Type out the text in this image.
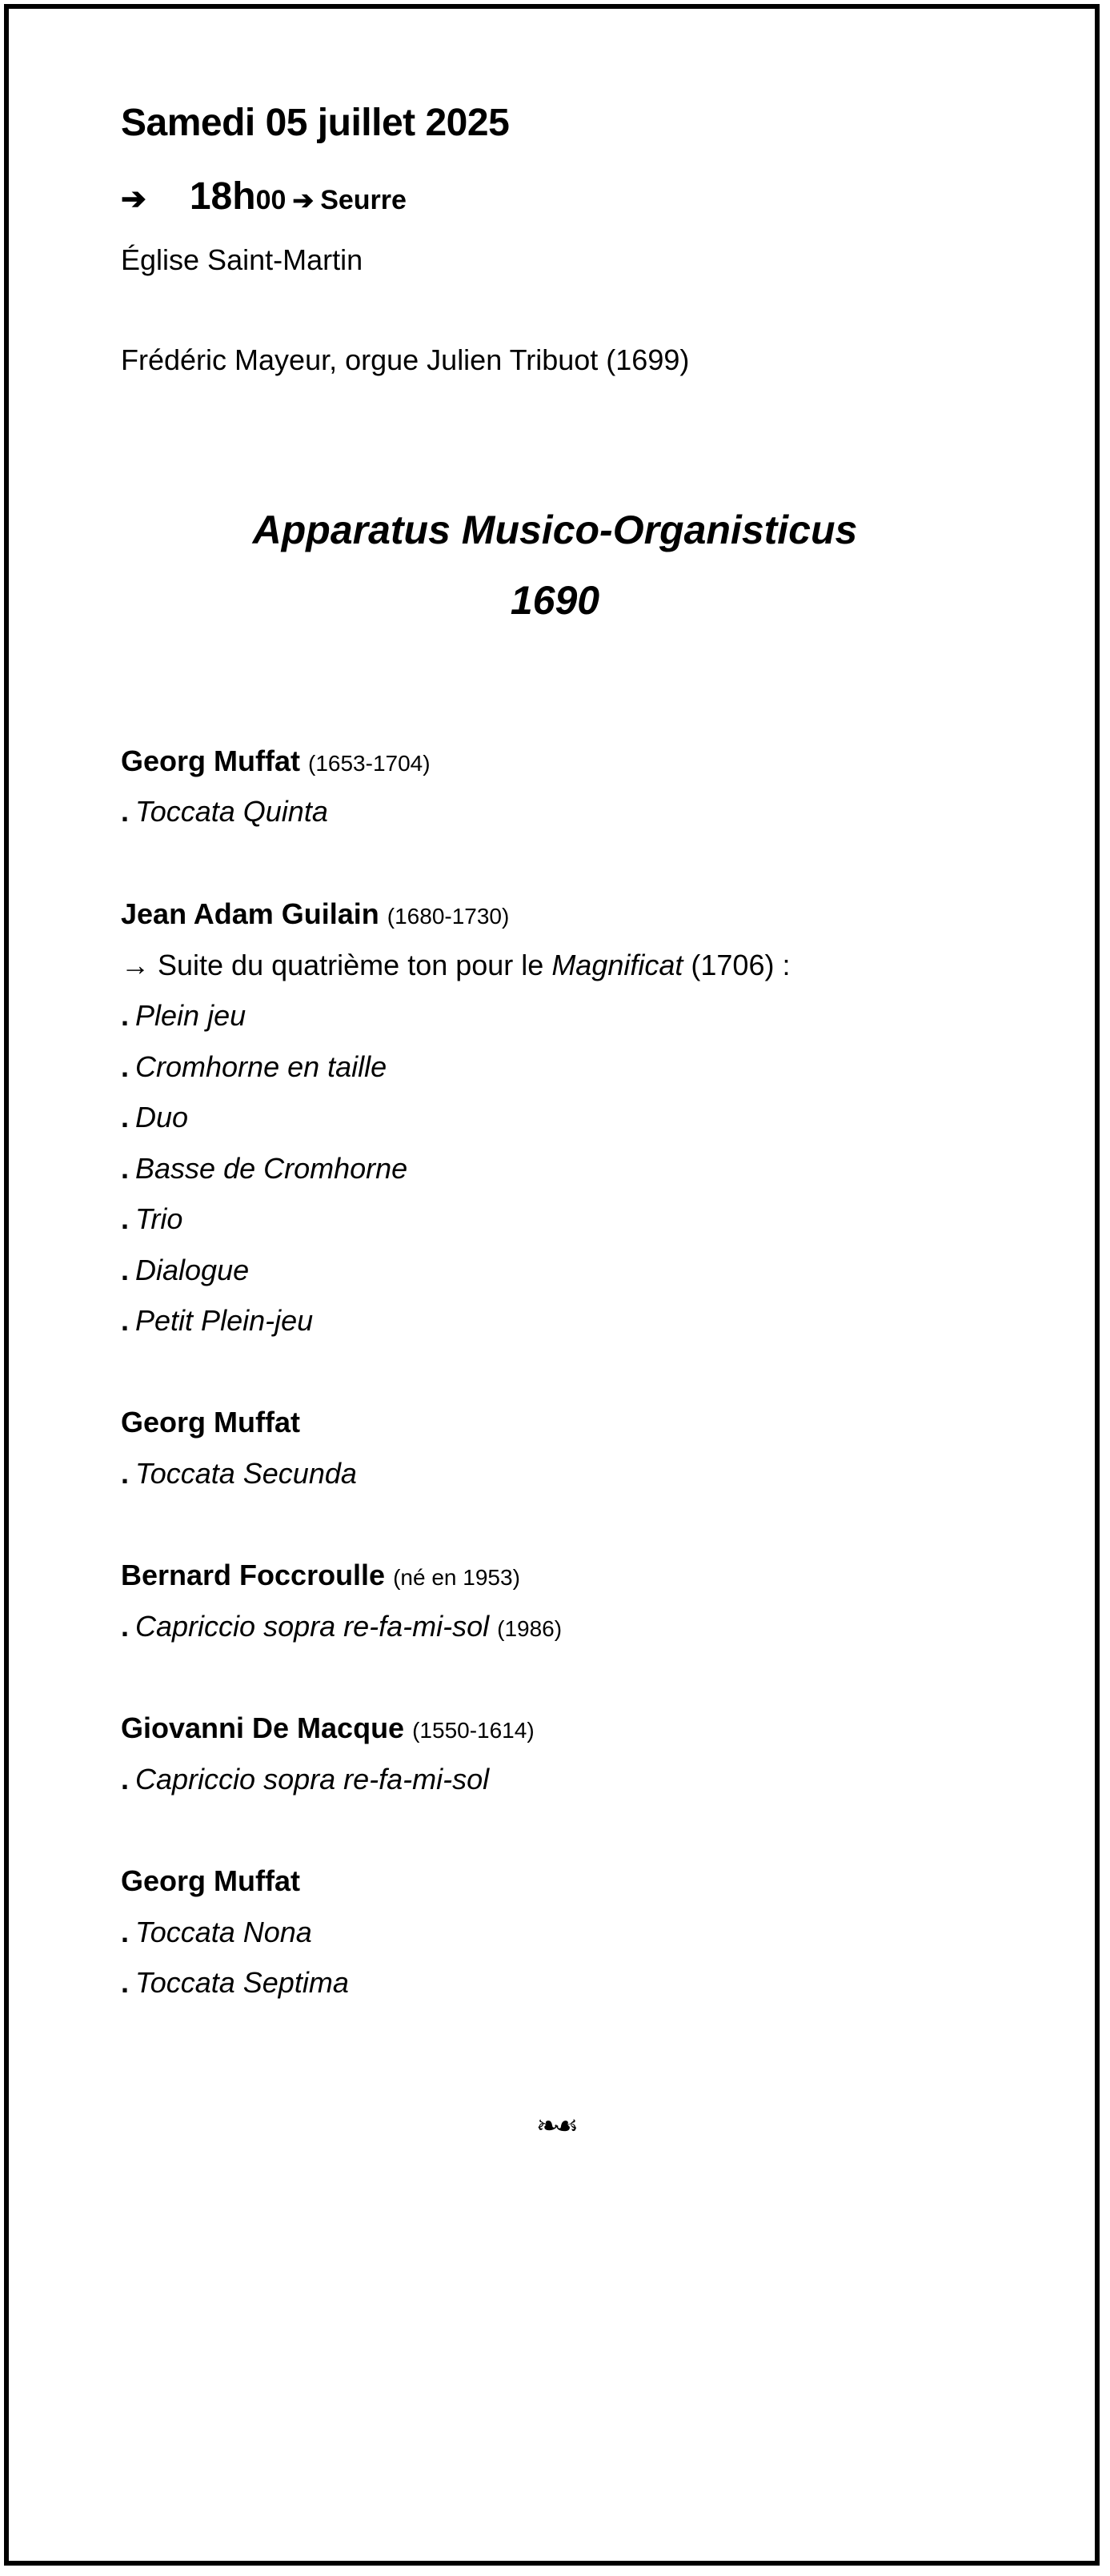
Samedi 05 juillet 2025
➔ 18h 00 ➔ Seurre
Église Saint-Martin
Frédéric Mayeur, orgue Julien Tribuot (1699)
Apparatus Musico-Organisticus
1690
Georg Muffat (1653-1704)
. Toccata Quinta
Jean Adam Guilain (1680-1730)
→ Suite du quatrième ton pour le Magnificat (1706) :
. Plein jeu
. Cromhorne en taille
. Duo
. Basse de Cromhorne
. Trio
. Dialogue
. Petit Plein-jeu
Georg Muffat
. Toccata Secunda
Bernard Foccroulle (né en 1953)
. Capriccio sopra re-fa-mi-sol (1986)
Giovanni De Macque (1550-1614)
. Capriccio sopra re-fa-mi-sol
Georg Muffat
. Toccata Nona
. Toccata Septima
❧☙
